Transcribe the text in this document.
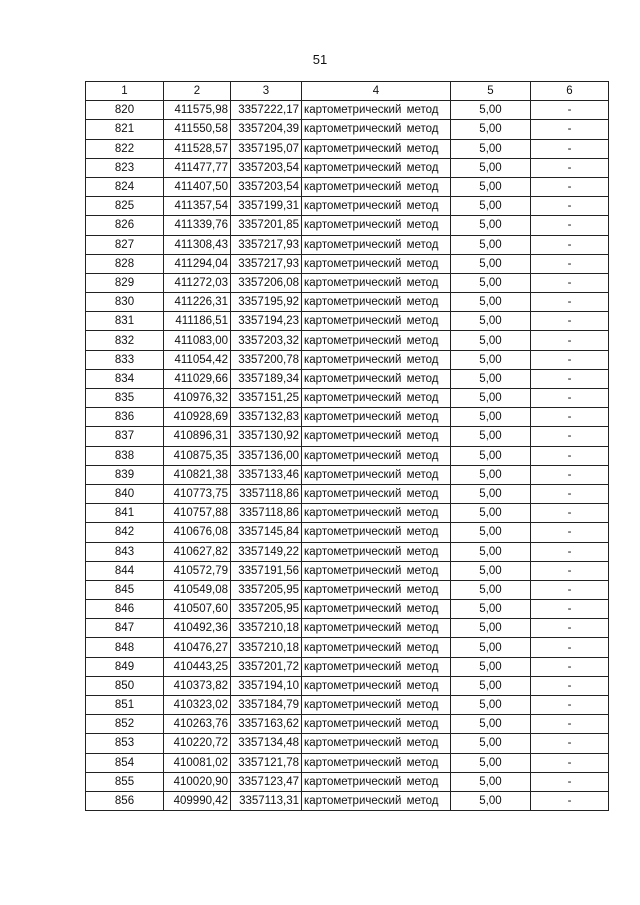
51
1	2	3	4	5	6
820	411575,98	3357222,17	картометрический метод	5,00	-
821	411550,58	3357204,39	картометрический метод	5,00	-
822	411528,57	3357195,07	картометрический метод	5,00	-
823	411477,77	3357203,54	картометрический метод	5,00	-
824	411407,50	3357203,54	картометрический метод	5,00	-
825	411357,54	3357199,31	картометрический метод	5,00	-
826	411339,76	3357201,85	картометрический метод	5,00	-
827	411308,43	3357217,93	картометрический метод	5,00	-
828	411294,04	3357217,93	картометрический метод	5,00	-
829	411272,03	3357206,08	картометрический метод	5,00	-
830	411226,31	3357195,92	картометрический метод	5,00	-
831	411186,51	3357194,23	картометрический метод	5,00	-
832	411083,00	3357203,32	картометрический метод	5,00	-
833	411054,42	3357200,78	картометрический метод	5,00	-
834	411029,66	3357189,34	картометрический метод	5,00	-
835	410976,32	3357151,25	картометрический метод	5,00	-
836	410928,69	3357132,83	картометрический метод	5,00	-
837	410896,31	3357130,92	картометрический метод	5,00	-
838	410875,35	3357136,00	картометрический метод	5,00	-
839	410821,38	3357133,46	картометрический метод	5,00	-
840	410773,75	3357118,86	картометрический метод	5,00	-
841	410757,88	3357118,86	картометрический метод	5,00	-
842	410676,08	3357145,84	картометрический метод	5,00	-
843	410627,82	3357149,22	картометрический метод	5,00	-
844	410572,79	3357191,56	картометрический метод	5,00	-
845	410549,08	3357205,95	картометрический метод	5,00	-
846	410507,60	3357205,95	картометрический метод	5,00	-
847	410492,36	3357210,18	картометрический метод	5,00	-
848	410476,27	3357210,18	картометрический метод	5,00	-
849	410443,25	3357201,72	картометрический метод	5,00	-
850	410373,82	3357194,10	картометрический метод	5,00	-
851	410323,02	3357184,79	картометрический метод	5,00	-
852	410263,76	3357163,62	картометрический метод	5,00	-
853	410220,72	3357134,48	картометрический метод	5,00	-
854	410081,02	3357121,78	картометрический метод	5,00	-
855	410020,90	3357123,47	картометрический метод	5,00	-
856	409990,42	3357113,31	картометрический метод	5,00	-
